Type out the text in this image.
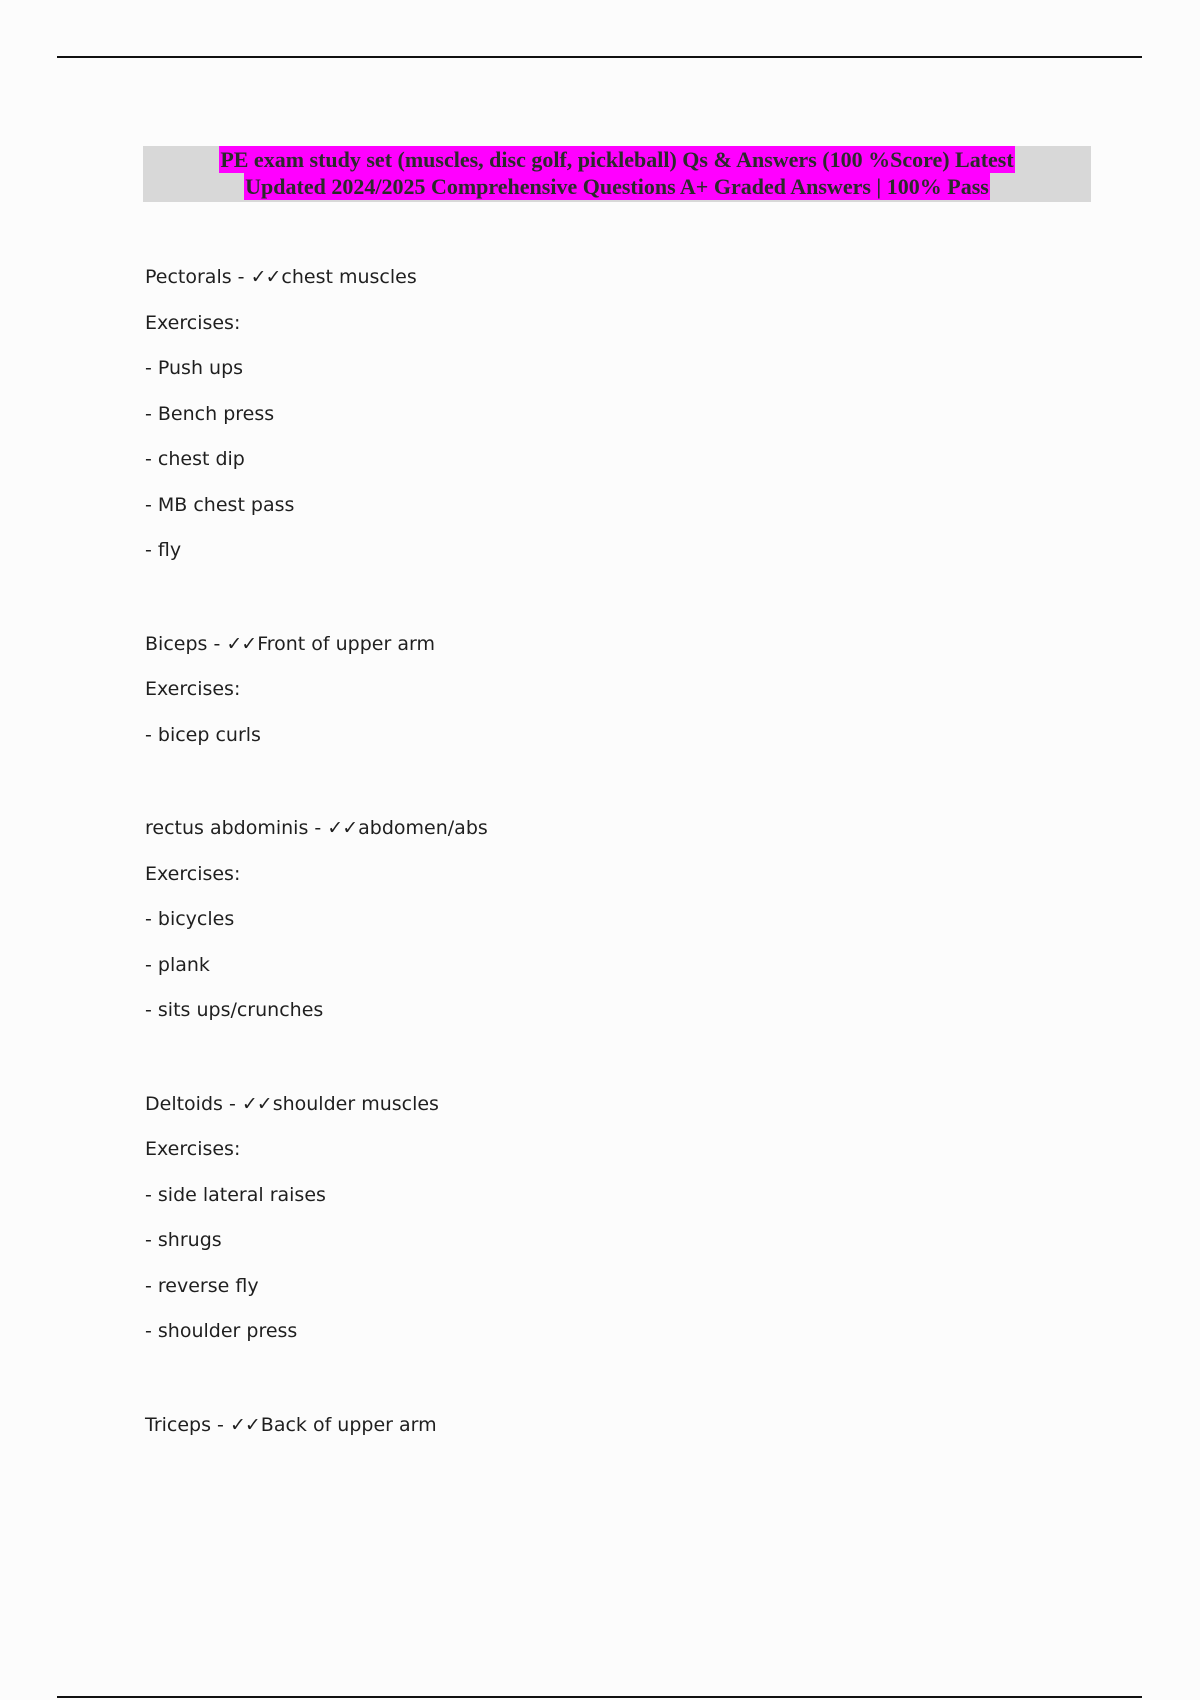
PE exam study set (muscles, disc golf, pickleball) Qs & Answers (100 %Score) Latest
Updated 2024/2025 Comprehensive Questions A+ Graded Answers | 100% Pass
Pectorals - ✓✓chest muscles
Exercises:
- Push ups
- Bench press
- chest dip
- MB chest pass
- fly
Biceps - ✓✓Front of upper arm
Exercises:
- bicep curls
rectus abdominis - ✓✓abdomen/abs
Exercises:
- bicycles
- plank
- sits ups/crunches
Deltoids - ✓✓shoulder muscles
Exercises:
- side lateral raises
- shrugs
- reverse fly
- shoulder press
Triceps - ✓✓Back of upper arm
